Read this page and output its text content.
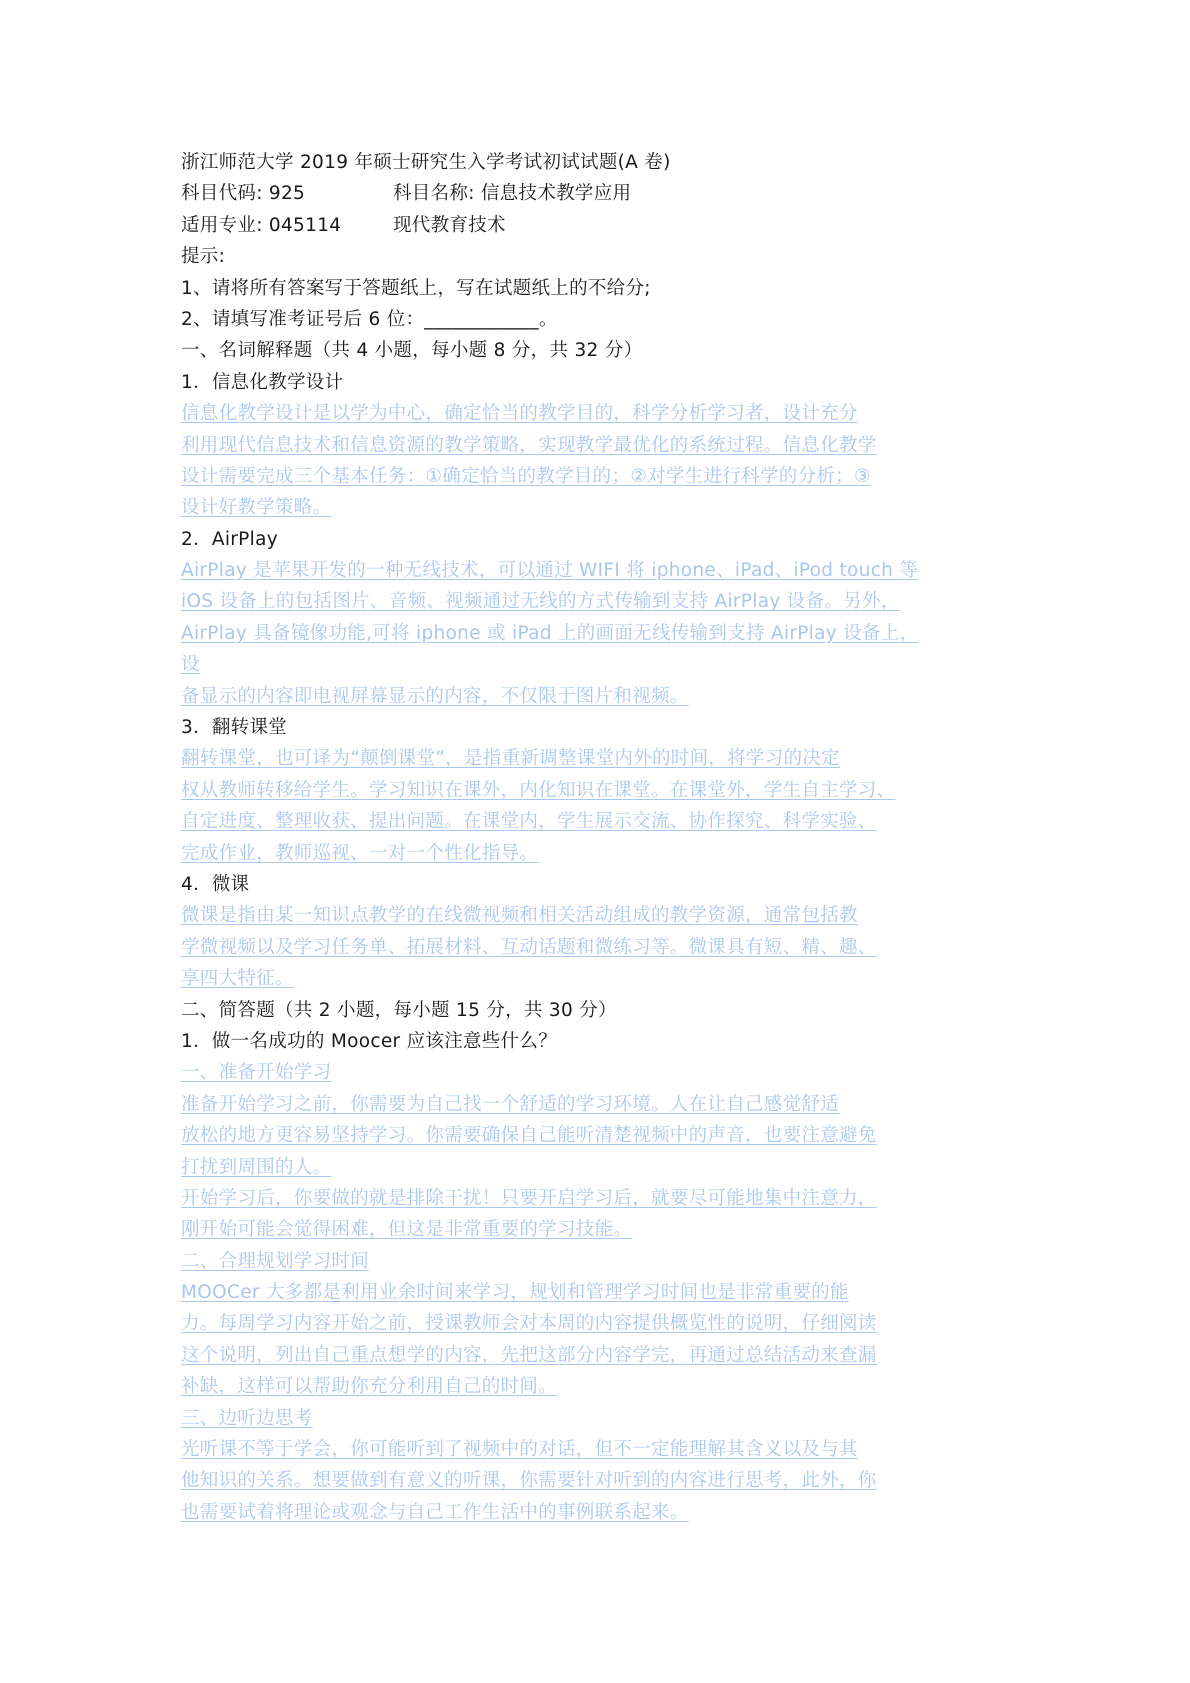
浙江师范大学 2019 年硕士研究生入学考试初试试题(A 卷)
科目代码: 925	科目名称: 信息技术教学应用
适用专业: 045114	现代教育技术
提示:
1、请将所有答案写于答题纸上，写在试题纸上的不给分;
2、请填写准考证号后 6 位：____________。
一、名词解释题（共 4 小题，每小题 8 分，共 32 分）
1．信息化教学设计
信息化教学设计是以学为中心，确定恰当的教学目的，科学分析学习者，设计充分
利用现代信息技术和信息资源的教学策略，实现教学最优化的系统过程。信息化教学
设计需要完成三个基本任务：①确定恰当的教学目的；②对学生进行科学的分析；③
设计好教学策略。
2．AirPlay
AirPlay 是苹果开发的一种无线技术，可以通过 WIFI 将 iphone、iPad、iPod touch 等
iOS 设备上的包括图片、音频、视频通过无线的方式传输到支持 AirPlay 设备。另外，
AirPlay 具备镜像功能,可将 iphone 或 iPad 上的画面无线传输到支持 AirPlay 设备上，
设
备显示的内容即电视屏幕显示的内容，不仅限于图片和视频。
3．翻转课堂
翻转课堂，也可译为“颠倒课堂”，是指重新调整课堂内外的时间，将学习的决定
权从教师转移给学生。学习知识在课外，内化知识在课堂。在课堂外，学生自主学习、
自定进度、整理收获、提出问题。在课堂内，学生展示交流、协作探究、科学实验、
完成作业，教师巡视、一对一个性化指导。
4．微课
微课是指由某一知识点教学的在线微视频和相关活动组成的教学资源，通常包括教
学微视频以及学习任务单、拓展材料、互动话题和微练习等。微课具有短、精、趣、
享四大特征。
二、简答题（共 2 小题，每小题 15 分，共 30 分）
1．做一名成功的 Moocer 应该注意些什么？
一、准备开始学习
准备开始学习之前，你需要为自己找一个舒适的学习环境。人在让自己感觉舒适
放松的地方更容易坚持学习。你需要确保自己能听清楚视频中的声音，也要注意避免
打扰到周围的人。
开始学习后，你要做的就是排除干扰！只要开启学习后，就要尽可能地集中注意力，
刚开始可能会觉得困难，但这是非常重要的学习技能。
二、合理规划学习时间
MOOCer 大多都是利用业余时间来学习，规划和管理学习时间也是非常重要的能
力。每周学习内容开始之前，授课教师会对本周的内容提供概览性的说明，仔细阅读
这个说明，列出自己重点想学的内容，先把这部分内容学完，再通过总结活动来查漏
补缺，这样可以帮助你充分利用自己的时间。
三、边听边思考
光听课不等于学会，你可能听到了视频中的对话，但不一定能理解其含义以及与其
他知识的关系。想要做到有意义的听课，你需要针对听到的内容进行思考，此外，你
也需要试着将理论或观念与自己工作生活中的事例联系起来。
